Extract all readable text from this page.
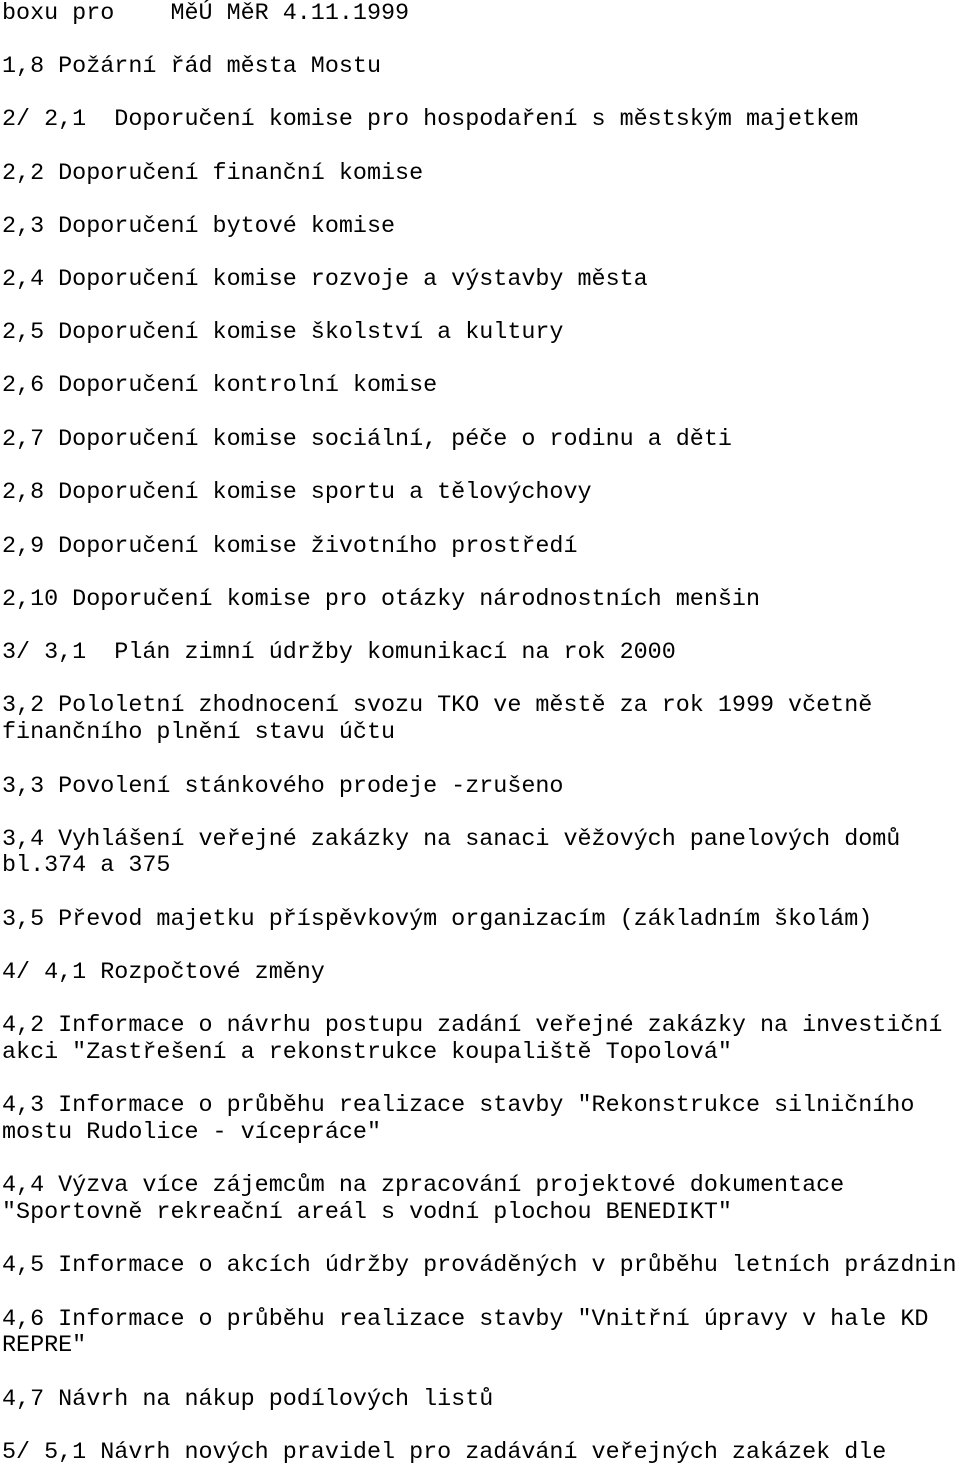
boxu pro    MěÚ MěR 4.11.1999
1,8 Požární řád města Mostu
2/ 2,1  Doporučení komise pro hospodaření s městským majetkem
2,2 Doporučení finanční komise
2,3 Doporučení bytové komise
2,4 Doporučení komise rozvoje a výstavby města
2,5 Doporučení komise školství a kultury
2,6 Doporučení kontrolní komise
2,7 Doporučení komise sociální, péče o rodinu a děti
2,8 Doporučení komise sportu a tělovýchovy
2,9 Doporučení komise životního prostředí
2,10 Doporučení komise pro otázky národnostních menšin
3/ 3,1  Plán zimní údržby komunikací na rok 2000
3,2 Pololetní zhodnocení svozu TKO ve městě za rok 1999 včetně
finančního plnění stavu účtu
3,3 Povolení stánkového prodeje -zrušeno
3,4 Vyhlášení veřejné zakázky na sanaci věžových panelových domů
bl.374 a 375
3,5 Převod majetku příspěvkovým organizacím (základním školám)
4/ 4,1 Rozpočtové změny
4,2 Informace o návrhu postupu zadání veřejné zakázky na investiční
akci "Zastřešení a rekonstrukce koupaliště Topolová"
4,3 Informace o průběhu realizace stavby "Rekonstrukce silničního
mostu Rudolice - vícepráce"
4,4 Výzva více zájemcům na zpracování projektové dokumentace
"Sportovně rekreační areál s vodní plochou BENEDIKT"
4,5 Informace o akcích údržby prováděných v průběhu letních prázdnin
4,6 Informace o průběhu realizace stavby "Vnitřní úpravy v hale KD
REPRE"
4,7 Návrh na nákup podílových listů
5/ 5,1 Návrh nových pravidel pro zadávání veřejných zakázek dle
